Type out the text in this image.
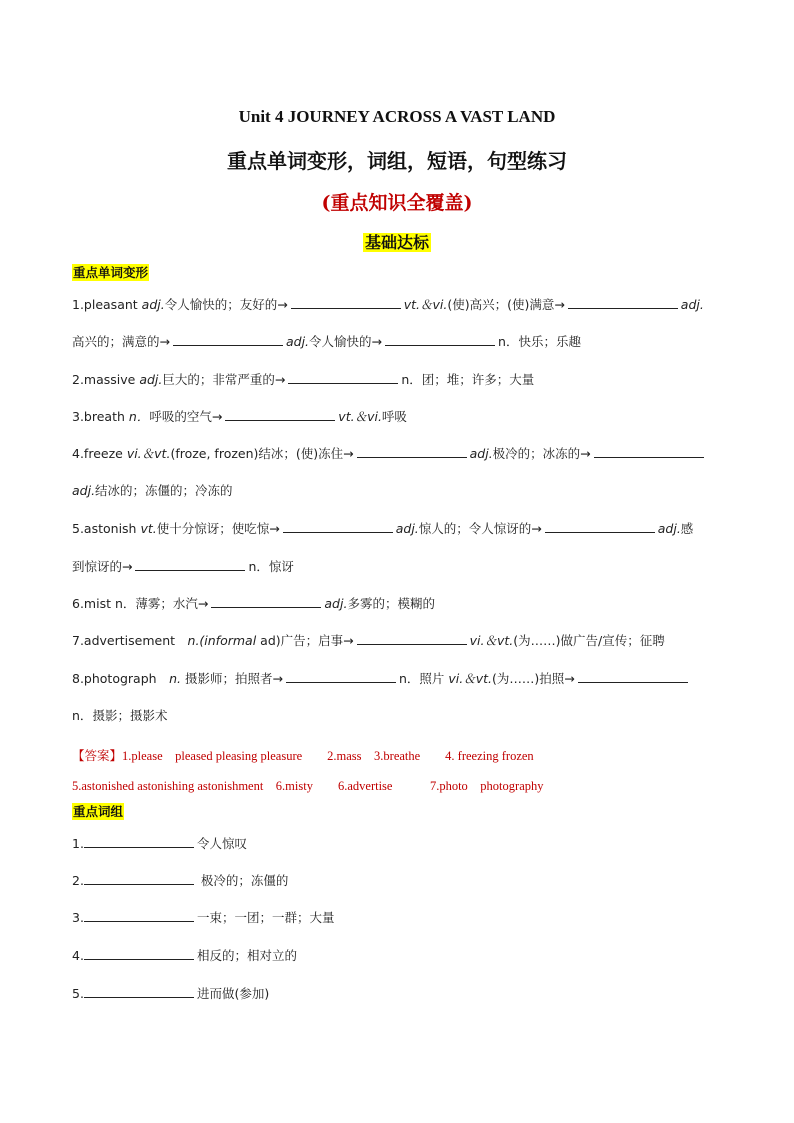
Unit 4 JOURNEY ACROSS A VAST LAND
重点单词变形，词组，短语，句型练习
(重点知识全覆盖)
基础达标
重点单词变形
1.pleasant adj.令人愉快的；友好的→	vt.＆vi.(使)高兴；(使)满意→	adj.
高兴的；满意的→	adj.令人愉快的→	n．快乐；乐趣
2.massive adj.巨大的；非常严重的→	n．团；堆；许多；大量
3.breath n．呼吸的空气→	vt.＆vi.呼吸
4.freeze vi.＆vt.(froze, frozen)结冰；(使)冻住→	adj.极冷的；冰冻的→
adj.结冰的；冻僵的；冷冻的
5.astonish vt.使十分惊讶；使吃惊→	adj.惊人的；令人惊讶的→	adj.感
到惊讶的→	n．惊讶
6.mist n．薄雾；水汽→	adj.多雾的；模糊的
7.advertisement　n.(informal ad)广告；启事→	vi.＆vt.(为……)做广告/宣传；征聘
8.photograph　n. 摄影师；拍照者→	n．照片 vi.＆vt.(为……)拍照→
n．摄影；摄影术
【答案】1.please　pleased pleasing pleasure　　2.mass　3.breathe　　4. freezing frozen
5.astonished astonishing astonishment　6.misty　　6.advertise　　　7.photo　photography
重点词组
1.	令人惊叹
2.	极冷的；冻僵的
3.	一束；一团；一群；大量
4.	相反的；相对立的
5.	进而做(参加)
